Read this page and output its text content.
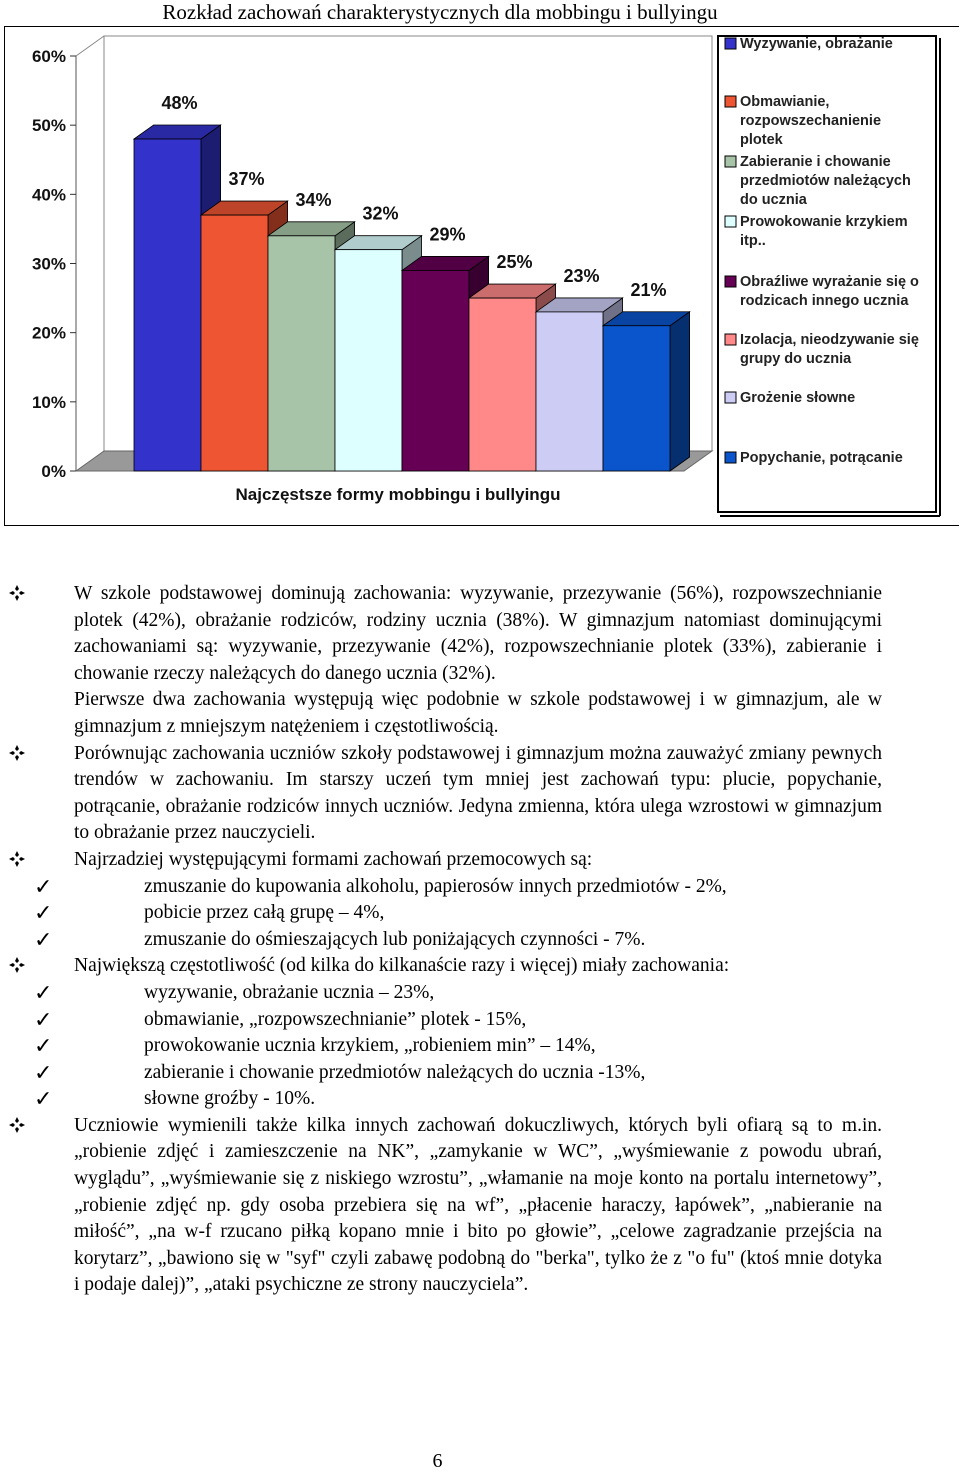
Rozkład zachowań charakterystycznych dla mobbingu i bullyingu
0%
10%
20%
30%
40%
50%
60%
48%
37%
34%
32%
29%
25%
23%
21%
Najczęstsze formy mobbingu i bullyingu
Wyzywanie, obrażanie
Obmawianie, rozpowszechanienie plotek
Zabieranie i chowanie przedmiotów należących do ucznia
Prowokowanie krzykiem itp..
Obraźliwe wyrażanie się o rodzicach innego ucznia
Izolacja, nieodzywanie się grupy do ucznia
Grożenie słowne
Popychanie, potrącanie
W szkole podstawowej dominują zachowania: wyzywanie, przezywanie (56%), rozpowszechnianie plotek (42%), obrażanie rodziców, rodziny ucznia (38%). W gimnazjum natomiast dominującymi zachowaniami są: wyzywanie, przezywanie (42%), rozpowszechnianie plotek (33%), zabieranie i chowanie rzeczy należących do danego ucznia (32%).
Pierwsze dwa zachowania występują więc podobnie w szkole podstawowej i w gimnazjum, ale w gimnazjum z mniejszym natężeniem i częstotliwością.
Porównując zachowania uczniów szkoły podstawowej i gimnazjum można zauważyć zmiany pewnych trendów w zachowaniu. Im starszy uczeń tym mniej jest zachowań typu: plucie, popychanie, potrącanie, obrażanie rodziców innych uczniów. Jedyna zmienna, która ulega wzrostowi w gimnazjum to obrażanie przez nauczycieli.
Najrzadziej występującymi formami zachowań przemocowych są:
✓	zmuszanie do kupowania alkoholu, papierosów innych przedmiotów - 2%,
✓	pobicie przez całą grupę – 4%,
✓	zmuszanie do ośmieszających lub poniżających czynności - 7%.
Największą częstotliwość (od kilka do kilkanaście razy i więcej) miały zachowania:
✓	wyzywanie, obrażanie ucznia – 23%,
✓	obmawianie, „rozpowszechnianie” plotek - 15%,
✓	prowokowanie ucznia krzykiem, „robieniem min” – 14%,
✓	zabieranie i chowanie przedmiotów należących do ucznia -13%,
✓	słowne groźby - 10%.
Uczniowie wymienili także kilka innych zachowań dokuczliwych, których byli ofiarą są to m.in. „robienie zdjęć i zamieszczenie na NK”, „zamykanie w WC”, „wyśmiewanie z powodu ubrań, wyglądu”, „wyśmiewanie się z niskiego wzrostu”, „włamanie na moje konto na portalu internetowy”, „robienie zdjęć np. gdy osoba przebiera się na wf”, „płacenie haraczy, łapówek”, „nabieranie na miłość”, „na w-f rzucano piłką kopano mnie i bito po głowie”, „celowe zagradzanie przejścia na korytarz”, „bawiono się w "syf" czyli zabawę podobną do "berka", tylko że z "o fu" (ktoś mnie dotyka i podaje dalej)”, „ataki psychiczne ze strony nauczyciela”.
6
